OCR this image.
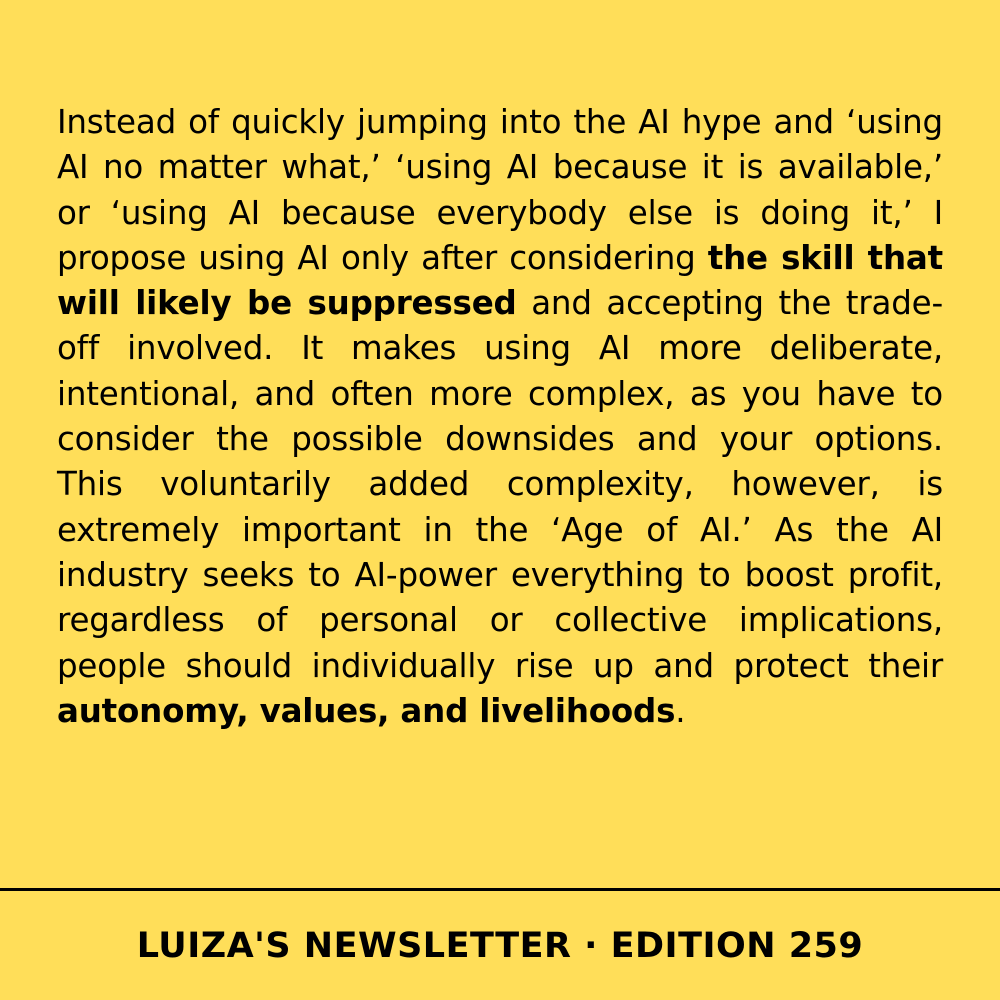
Instead of quickly jumping into the AI hype and ‘using AI no matter what,’ ‘using AI because it is available,’ or ‘using AI because everybody else is doing it,’ I propose using AI only after considering the skill that will likely be suppressed and accepting the trade-off involved. It makes using AI more deliberate, intentional, and often more complex, as you have to consider the possible downsides and your options. This voluntarily added complexity, however, is extremely important in the ‘Age of AI.’ As the AI industry seeks to AI-power everything to boost profit, regardless of personal or collective implications, people should individually rise up and protect their autonomy, values, and livelihoods.

LUIZA'S NEWSLETTER · EDITION 259
